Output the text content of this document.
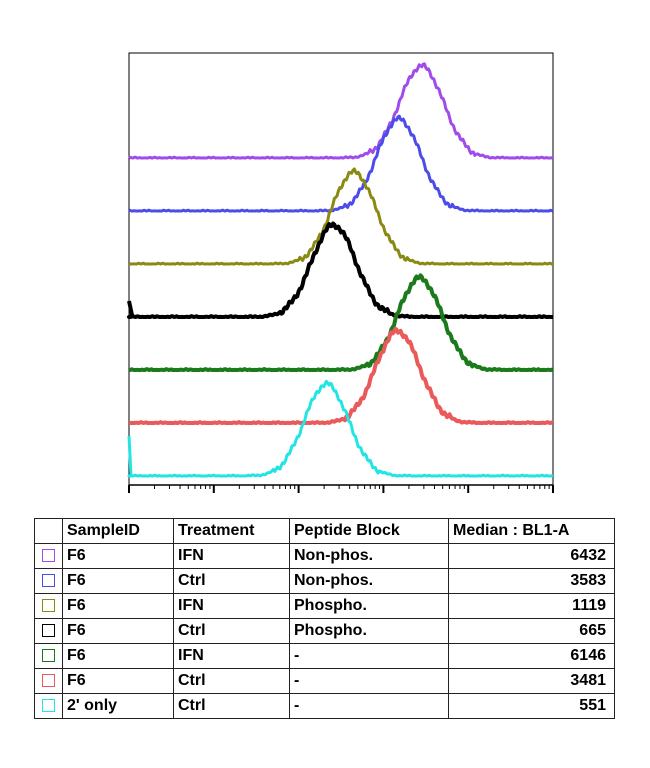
	SampleID	Treatment	Peptide Block	Median : BL1-A
	F6	IFN	Non-phos.	6432
	F6	Ctrl	Non-phos.	3583
	F6	IFN	Phospho.	1119
	F6	Ctrl	Phospho.	665
	F6	IFN	-	6146
	F6	Ctrl	-	3481
	2' only	Ctrl	-	551
